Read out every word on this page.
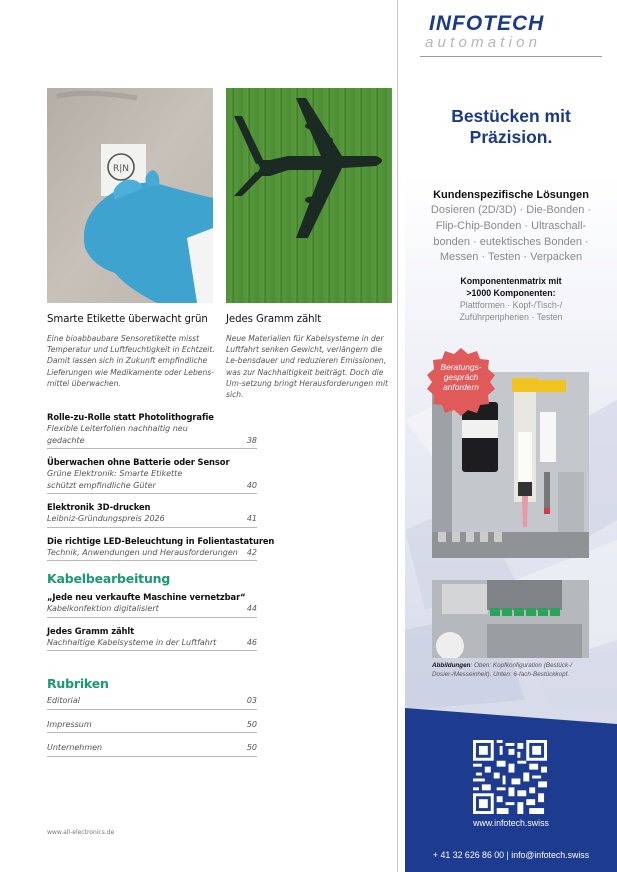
R|N
Smarte Etikette überwacht grün
Eine bioabbaubare Sensoretikette misst Temperatur und Luftfeuchtigkeit in Echtzeit. Damit lassen sich in Zukunft empfindliche Lieferungen wie Medikamente oder Lebens-mittel überwachen.
Jedes Gramm zählt
Neue Materialien für Kabelsysteme in der Luftfahrt senken Gewicht, verlängern die Le-bensdauer und reduzieren Emissionen, was zur Nachhaltigkeit beiträgt. Doch die Um-setzung bringt Herausforderungen mit sich.
Rolle-zu-Rolle statt Photolithografie
Flexible Leiterfolien nachhaltig neu gedachte	38
Überwachen ohne Batterie oder Sensor
Grüne Elektronik: Smarte Etikette schützt empfindliche Güter	40
Elektronik 3D-drucken
Leibniz-Gründungspreis 2026	41
Die richtige LED-Beleuchtung in Folientastaturen
Technik, Anwendungen und Herausforderungen 42
Kabelbearbeitung
„Jede neu verkaufte Maschine vernetzbar“
Kabelkonfektion digitalisiert	44
Jedes Gramm zählt
Nachhaltige Kabelsysteme in der Luftfahrt	46
Rubriken
Editorial	03
Impressum	50
Unternehmen	50
www.all-electronics.de
INFOTECH
automation
Bestücken mit
Präzision.
Kundenspezifische Lösungen
Dosieren (2D/3D) · Die-Bonden ·
Flip-Chip-Bonden · Ultraschall-
bonden · eutektisches Bonden ·
Messen · Testen · Verpacken
Komponentenmatrix mit
>1000 Komponenten:
Plattformen · Kopf-/Tisch-/
Zuführperipherien · Testen
Beratungs-
gespräch
anfordern
Abbildungen: Oben: Kopfkonfiguration (Bestück-/ Dosier-/Messeinheit). Unten: 6-fach-Bestückkopf.
www.infotech.swiss
+ 41 32 626 86 00 | info@infotech.swiss
